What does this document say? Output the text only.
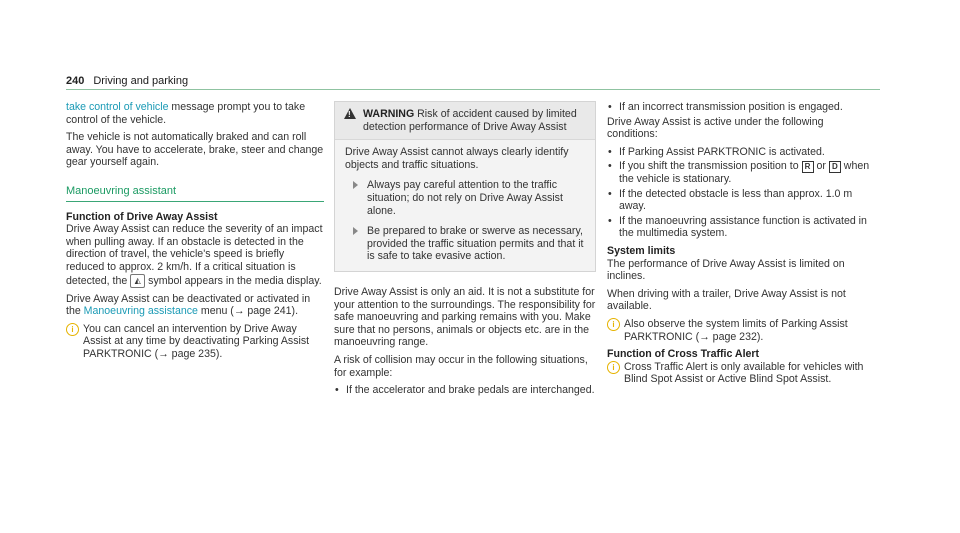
240 Driving and parking

take control of vehicle message prompt you to take control of the vehicle.

The vehicle is not automatically braked and can roll away. You have to accelerate, brake, steer and change gear yourself again.

Manoeuvring assistant
Function of Drive Away Assist

Drive Away Assist can reduce the severity of an impact when pulling away. If an obstacle is detected in the direction of travel, the vehicle's speed is briefly reduced to approx. 2 km/h. If a critical situation is detected, the ◭ symbol appears in the media display.

Drive Away Assist can be deactivated or activated in the Manoeuvring assistance menu (→ page 241).

i You can cancel an intervention by Drive Away Assist at any time by deactivating Parking Assist PARKTRONIC (→ page 235).
! WARNING Risk of accident caused by limited detection performance of Drive Away Assist
Drive Away Assist cannot always clearly identify objects and traffic situations.
Always pay careful attention to the traffic situation; do not rely on Drive Away Assist alone.
Be prepared to brake or swerve as necessary, provided the traffic situation permits and that it is safe to take evasive action.

Drive Away Assist is only an aid. It is not a substitute for your attention to the surroundings. The responsibility for safe manoeuvring and parking remains with you. Make sure that no persons, animals or objects etc. are in the manoeuvring range.

A risk of collision may occur in the following situations, for example:

• If the accelerator and brake pedals are interchanged.
• If an incorrect transmission position is engaged.

Drive Away Assist is active under the following conditions:

• If Parking Assist PARKTRONIC is activated.
• If you shift the transmission position to R or D when the vehicle is stationary.
• If the detected obstacle is less than approx. 1.0 m away.
• If the manoeuvring assistance function is activated in the multimedia system.
System limits

The performance of Drive Away Assist is limited on inclines.

When driving with a trailer, Drive Away Assist is not available.

i Also observe the system limits of Parking Assist PARKTRONIC (→ page 232).
Function of Cross Traffic Alert
i Cross Traffic Alert is only available for vehicles with Blind Spot Assist or Active Blind Spot Assist.
